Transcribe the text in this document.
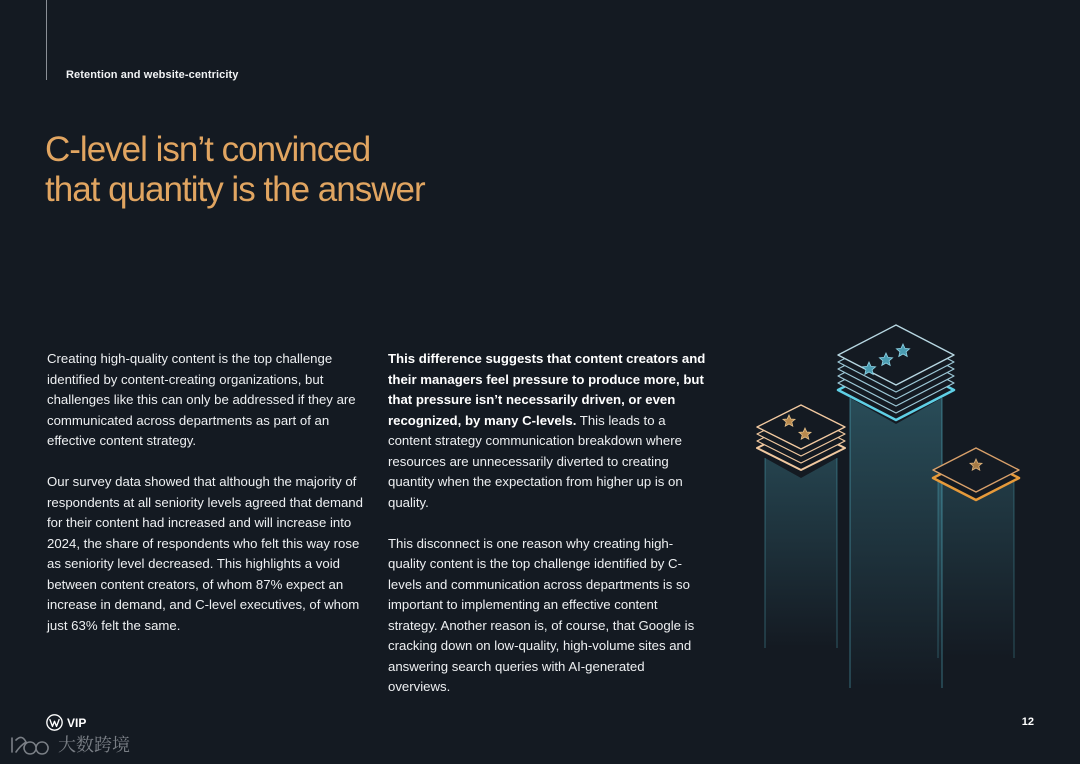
Retention and website-centricity
C-level isn’t convinced
that quantity is the answer

Creating high-quality content is the top challenge identified by content-creating organizations, but challenges like this can only be addressed if they are communicated across departments as part of an effective content strategy.

Our survey data showed that although the majority of respondents at all seniority levels agreed that demand for their content had increased and will increase into 2024, the share of respondents who felt this way rose as seniority level decreased. This highlights a void between content creators, of whom 87% expect an increase in demand, and C-level executives, of whom just 63% felt the same.

This difference suggests that content creators and their managers feel pressure to produce more, but that pressure isn’t necessarily driven, or even recognized, by many C-levels. This leads to a content strategy communication breakdown where resources are unnecessarily diverted to creating quantity when the expectation from higher up is on quality.

This disconnect is one reason why creating high-quality content is the top challenge identified by C-levels and communication across departments is so important to implementing an effective content strategy. Another reason is, of course, that Google is cracking down on low-quality, high-volume sites and answering search queries with AI-generated overviews.

VIP	12
大数跨境
